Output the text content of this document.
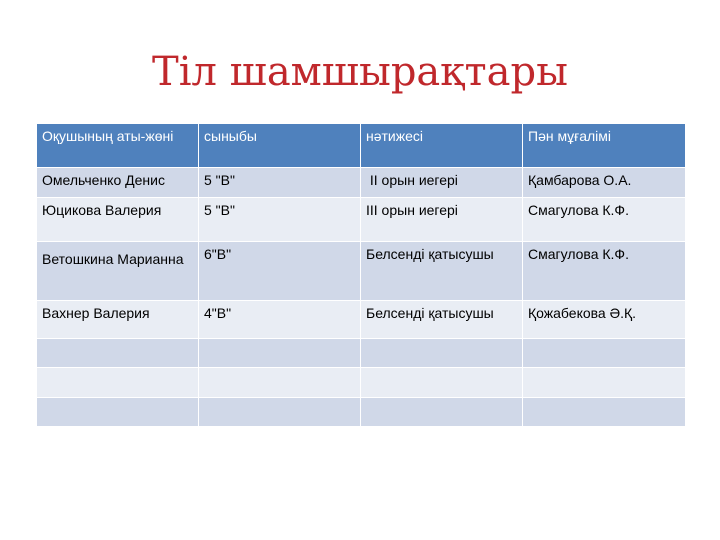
Тіл шамшырақтары
Оқушының аты-жөні	сыныбы	нәтижесі	Пән мұғалімі
Омельченко Денис	5 "В"	ІІ орын иегері	Қамбарова О.А.
Юцикова Валерия	5 "В"	ІІІ орын иегері	Смагулова К.Ф.
Ветошкина Марианна	6"В"	Белсенді қатысушы	Смагулова К.Ф.
Вахнер Валерия	4"В"	Белсенді қатысушы	Қожабекова Ә.Қ.
